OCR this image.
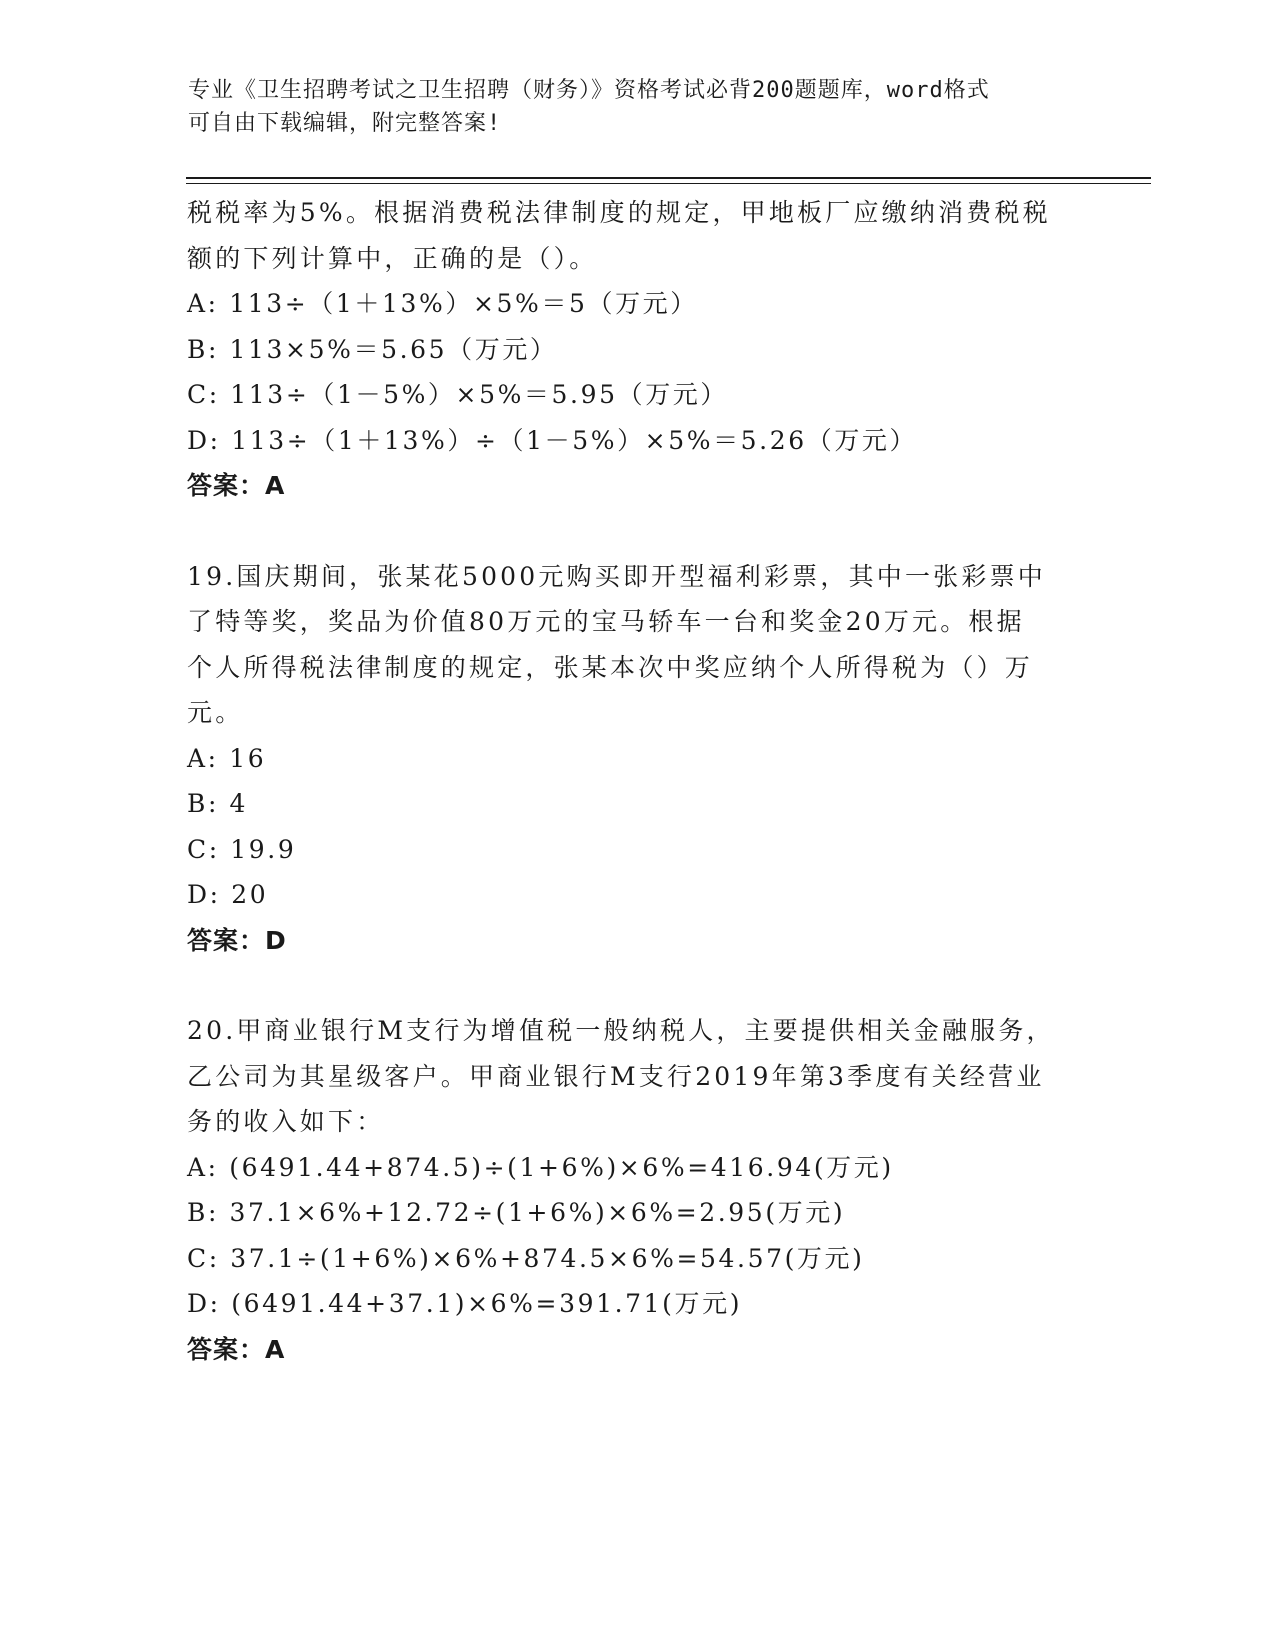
专业《卫生招聘考试之卫生招聘（财务）》资格考试必背200题题库，word格式
可自由下载编辑，附完整答案!
税税率为5%。根据消费税法律制度的规定，甲地板厂应缴纳消费税税
额的下列计算中，正确的是（）。
A: 113÷（1＋13%）×5%＝5（万元）
B: 113×5%＝5.65（万元）
C: 113÷（1－5%）×5%＝5.95（万元）
D: 113÷（1＋13%）÷（1－5%）×5%＝5.26（万元）
答案：A
19.国庆期间，张某花5000元购买即开型福利彩票，其中一张彩票中
了特等奖，奖品为价值80万元的宝马轿车一台和奖金20万元。根据
个人所得税法律制度的规定，张某本次中奖应纳个人所得税为（）万
元。
A: 16
B: 4
C: 19.9
D: 20
答案：D
20.甲商业银行M支行为增值税一般纳税人，主要提供相关金融服务，
乙公司为其星级客户。甲商业银行M支行2019年第3季度有关经营业
务的收入如下：
A: (6491.44+874.5)÷(1+6%)×6%=416.94(万元)
B: 37.1×6%+12.72÷(1+6%)×6%=2.95(万元)
C: 37.1÷(1+6%)×6%+874.5×6%=54.57(万元)
D: (6491.44+37.1)×6%=391.71(万元)
答案：A
